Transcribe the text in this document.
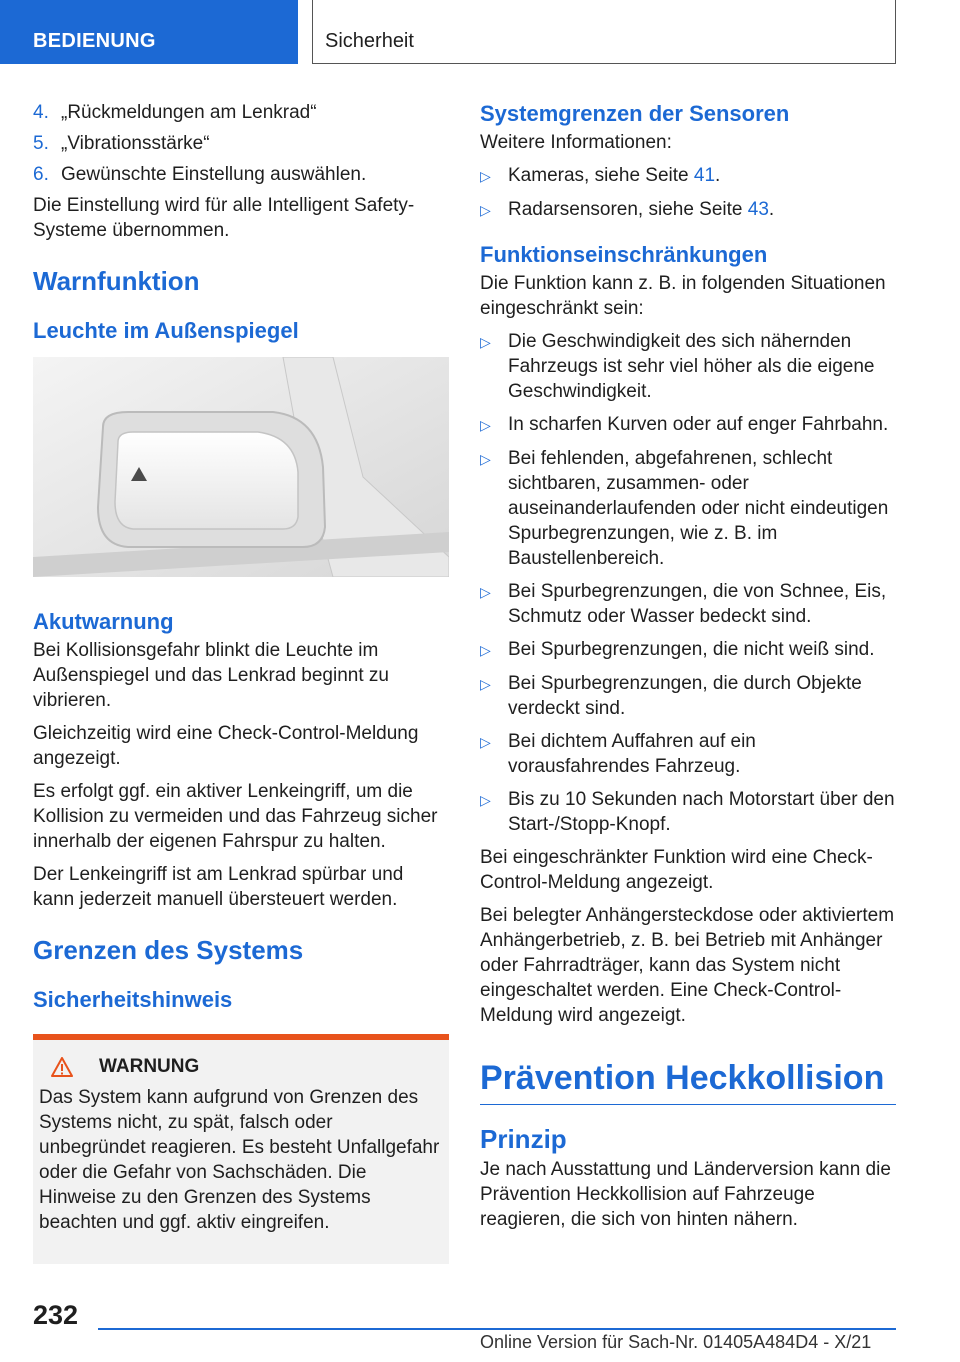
BEDIENUNG	Sicherheit
4. „Rückmeldungen am Lenkrad“
5. „Vibrationsstärke“
6. Gewünschte Einstellung auswählen.
Die Einstellung wird für alle Intelligent Safety-Systeme übernommen.
Warnfunktion
Leuchte im Außenspiegel
Akutwarnung
Bei Kollisionsgefahr blinkt die Leuchte im Außenspiegel und das Lenkrad beginnt zu vibrieren.
Gleichzeitig wird eine Check-Control-Meldung angezeigt.
Es erfolgt ggf. ein aktiver Lenkeingriff, um die Kollision zu vermeiden und das Fahrzeug sicher innerhalb der eigenen Fahrspur zu halten.
Der Lenkeingriff ist am Lenkrad spürbar und kann jederzeit manuell übersteuert werden.
Grenzen des Systems
Sicherheitshinweis
WARNUNG
Das System kann aufgrund von Grenzen des Systems nicht, zu spät, falsch oder unbegründet reagieren. Es besteht Unfallgefahr oder die Gefahr von Sachschäden. Die Hinweise zu den Grenzen des Systems beachten und ggf. aktiv eingreifen.
Systemgrenzen der Sensoren
Weitere Informationen:
▷ Kameras, siehe Seite 41.
▷ Radarsensoren, siehe Seite 43.
Funktionseinschränkungen
Die Funktion kann z. B. in folgenden Situationen eingeschränkt sein:
▷ Die Geschwindigkeit des sich nähernden Fahrzeugs ist sehr viel höher als die eigene Geschwindigkeit.
▷ In scharfen Kurven oder auf enger Fahrbahn.
▷ Bei fehlenden, abgefahrenen, schlecht sichtbaren, zusammen- oder auseinanderlaufenden oder nicht eindeutigen Spurbegrenzungen, wie z. B. im Baustellenbereich.
▷ Bei Spurbegrenzungen, die von Schnee, Eis, Schmutz oder Wasser bedeckt sind.
▷ Bei Spurbegrenzungen, die nicht weiß sind.
▷ Bei Spurbegrenzungen, die durch Objekte verdeckt sind.
▷ Bei dichtem Auffahren auf ein vorausfahrendes Fahrzeug.
▷ Bis zu 10 Sekunden nach Motorstart über den Start-/Stopp-Knopf.
Bei eingeschränkter Funktion wird eine Check-Control-Meldung angezeigt.
Bei belegter Anhängersteckdose oder aktiviertem Anhängerbetrieb, z. B. bei Betrieb mit Anhänger oder Fahrradträger, kann das System nicht eingeschaltet werden. Eine Check-Control-Meldung wird angezeigt.
Prävention Heckkollision
Prinzip
Je nach Ausstattung und Länderversion kann die Prävention Heckkollision auf Fahrzeuge reagieren, die sich von hinten nähern.
232
Online Version für Sach-Nr. 01405A484D4 - X/21
